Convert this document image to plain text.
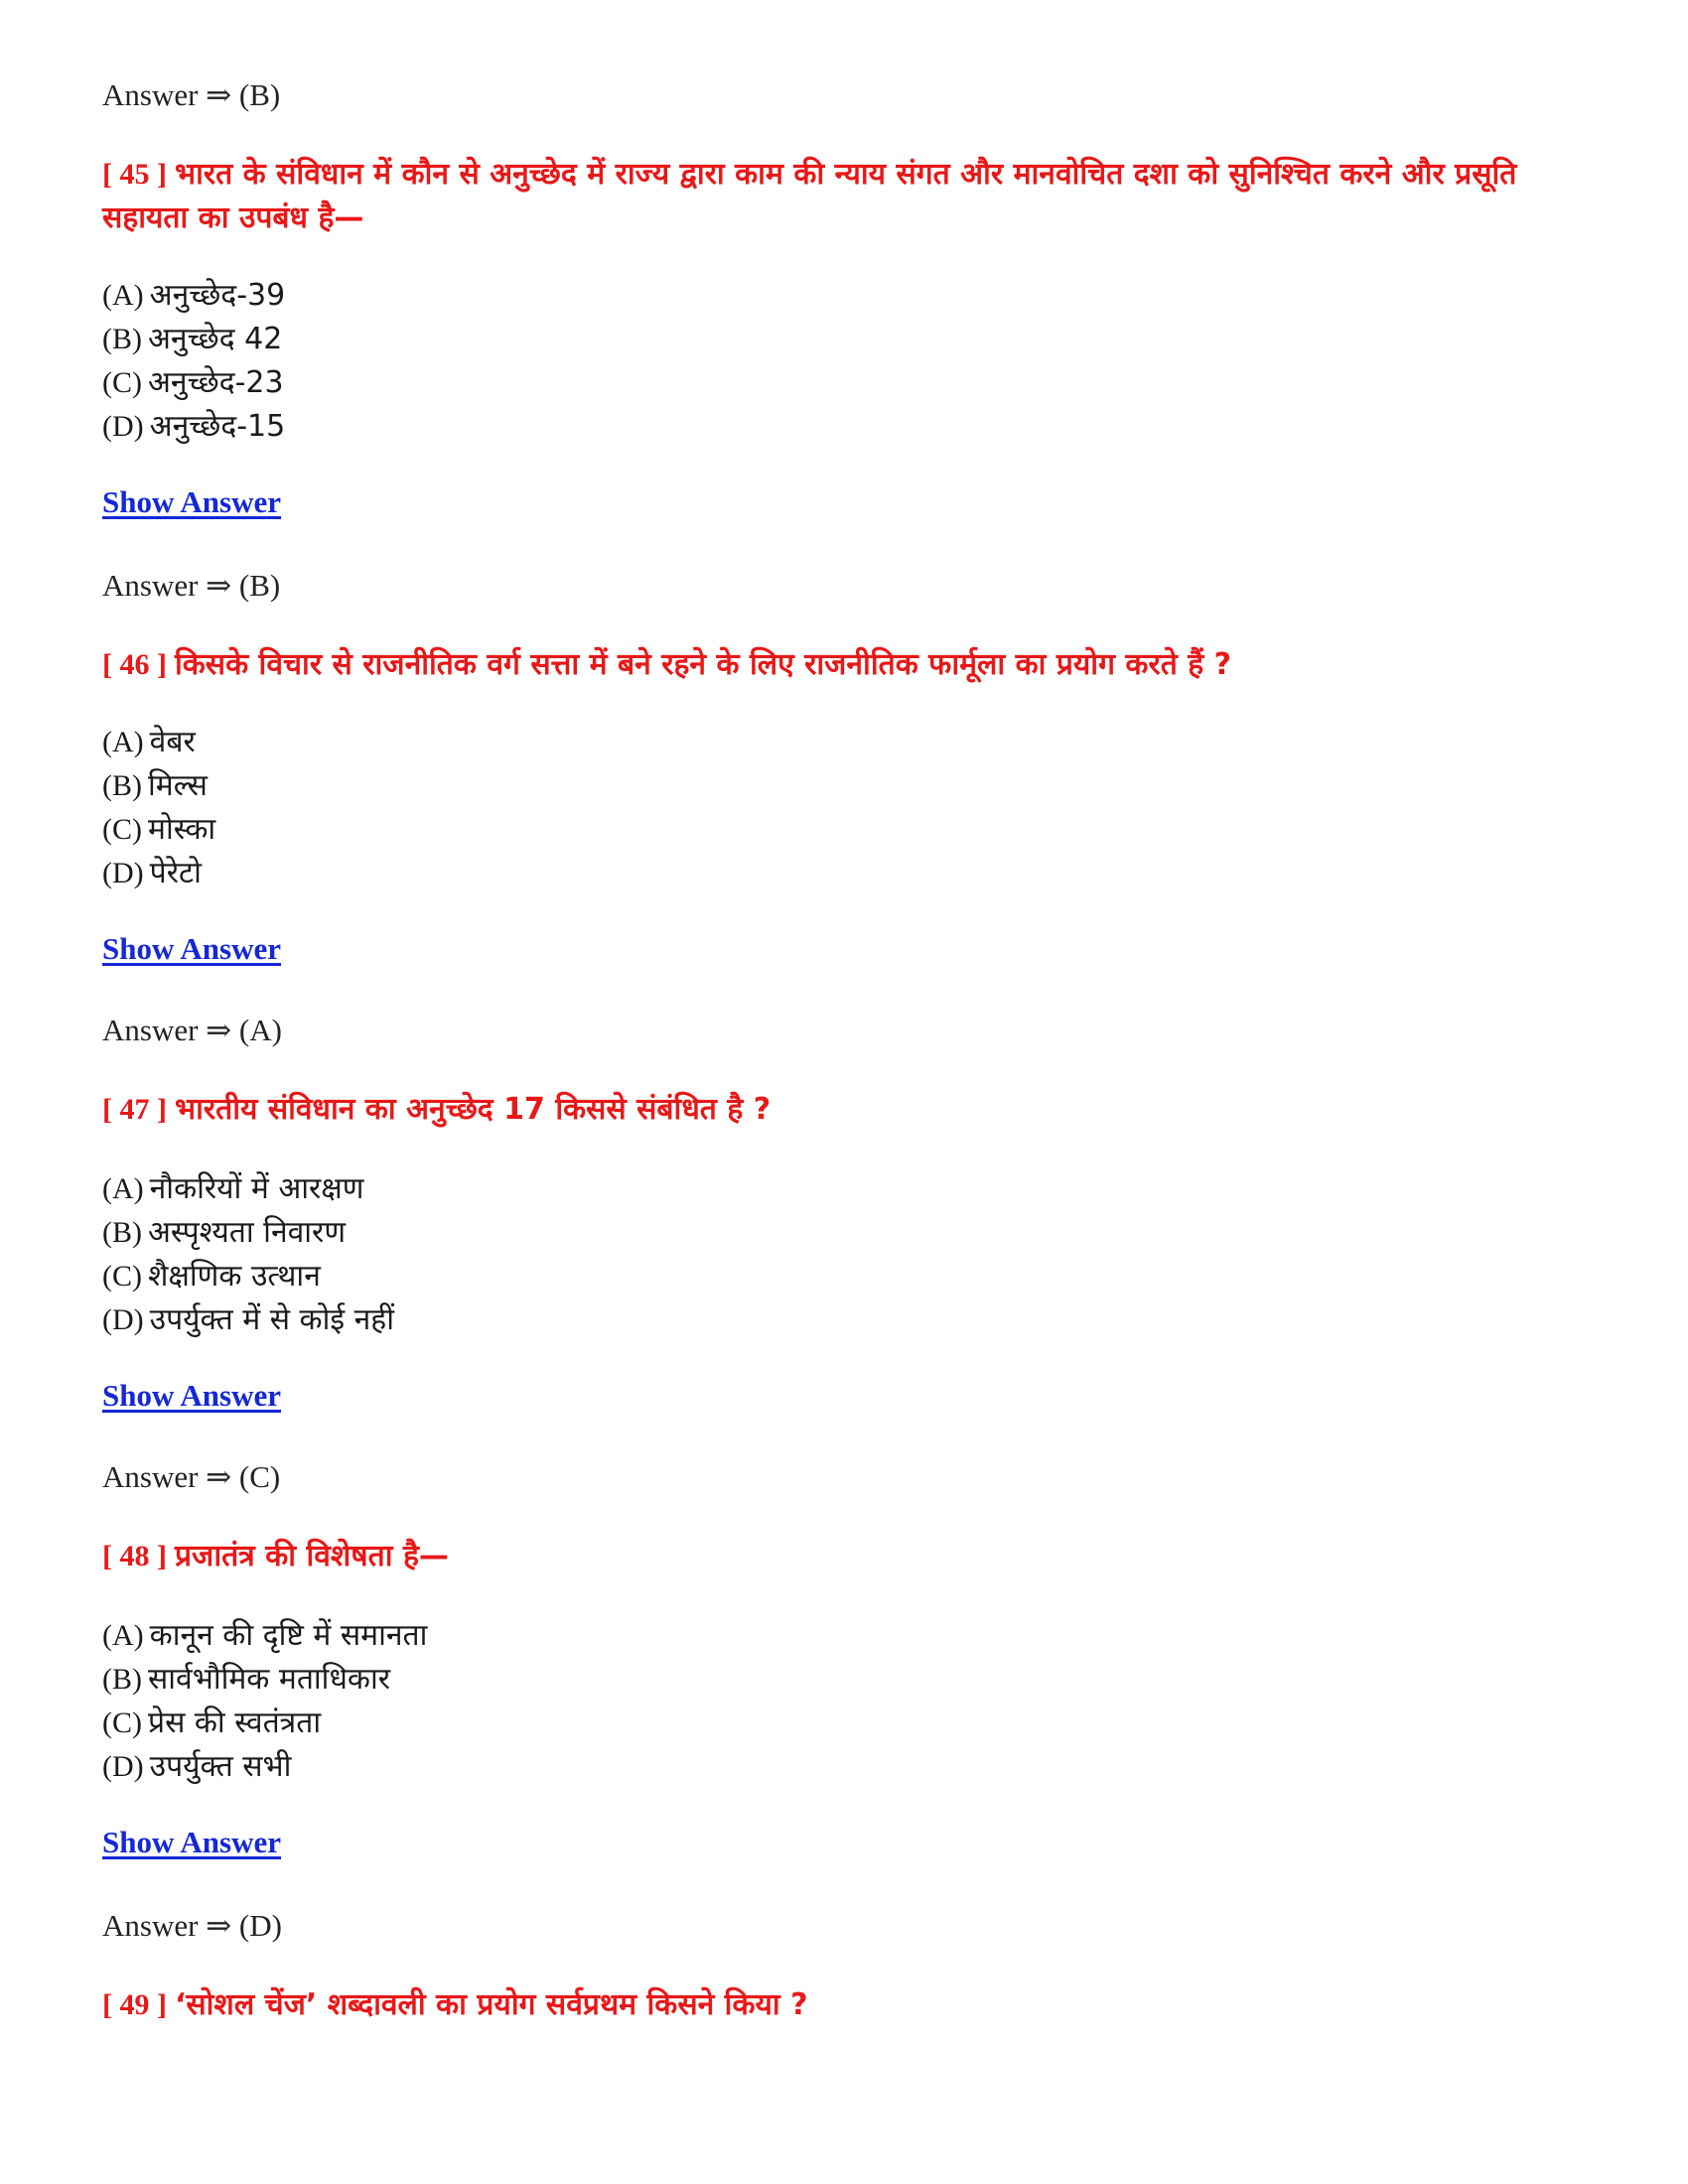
Answer ⇒ (B)
[ 45 ] भारत के संविधान में कौन से अनुच्छेद में राज्य द्वारा काम की न्याय संगत और मानवोचित दशा को सुनिश्चित करने और प्रसूति सहायता का उपबंध है—
(A) अनुच्छेद-39
(B) अनुच्छेद 42
(C) अनुच्छेद-23
(D) अनुच्छेद-15
Show Answer
Answer ⇒ (B)
[ 46 ] किसके विचार से राजनीतिक वर्ग सत्ता में बने रहने के लिए राजनीतिक फार्मूला का प्रयोग करते हैं ?
(A) वेबर
(B) मिल्स
(C) मोस्का
(D) पेरेटो
Show Answer
Answer ⇒ (A)
[ 47 ] भारतीय संविधान का अनुच्छेद 17 किससे संबंधित है ?
(A) नौकरियों में आरक्षण
(B) अस्पृश्यता निवारण
(C) शैक्षणिक उत्थान
(D) उपर्युक्त में से कोई नहीं
Show Answer
Answer ⇒ (C)
[ 48 ] प्रजातंत्र की विशेषता है—
(A) कानून की दृष्टि में समानता
(B) सार्वभौमिक मताधिकार
(C) प्रेस की स्वतंत्रता
(D) उपर्युक्त सभी
Show Answer
Answer ⇒ (D)
[ 49 ] ‘सोशल चेंज’ शब्दावली का प्रयोग सर्वप्रथम किसने किया ?
